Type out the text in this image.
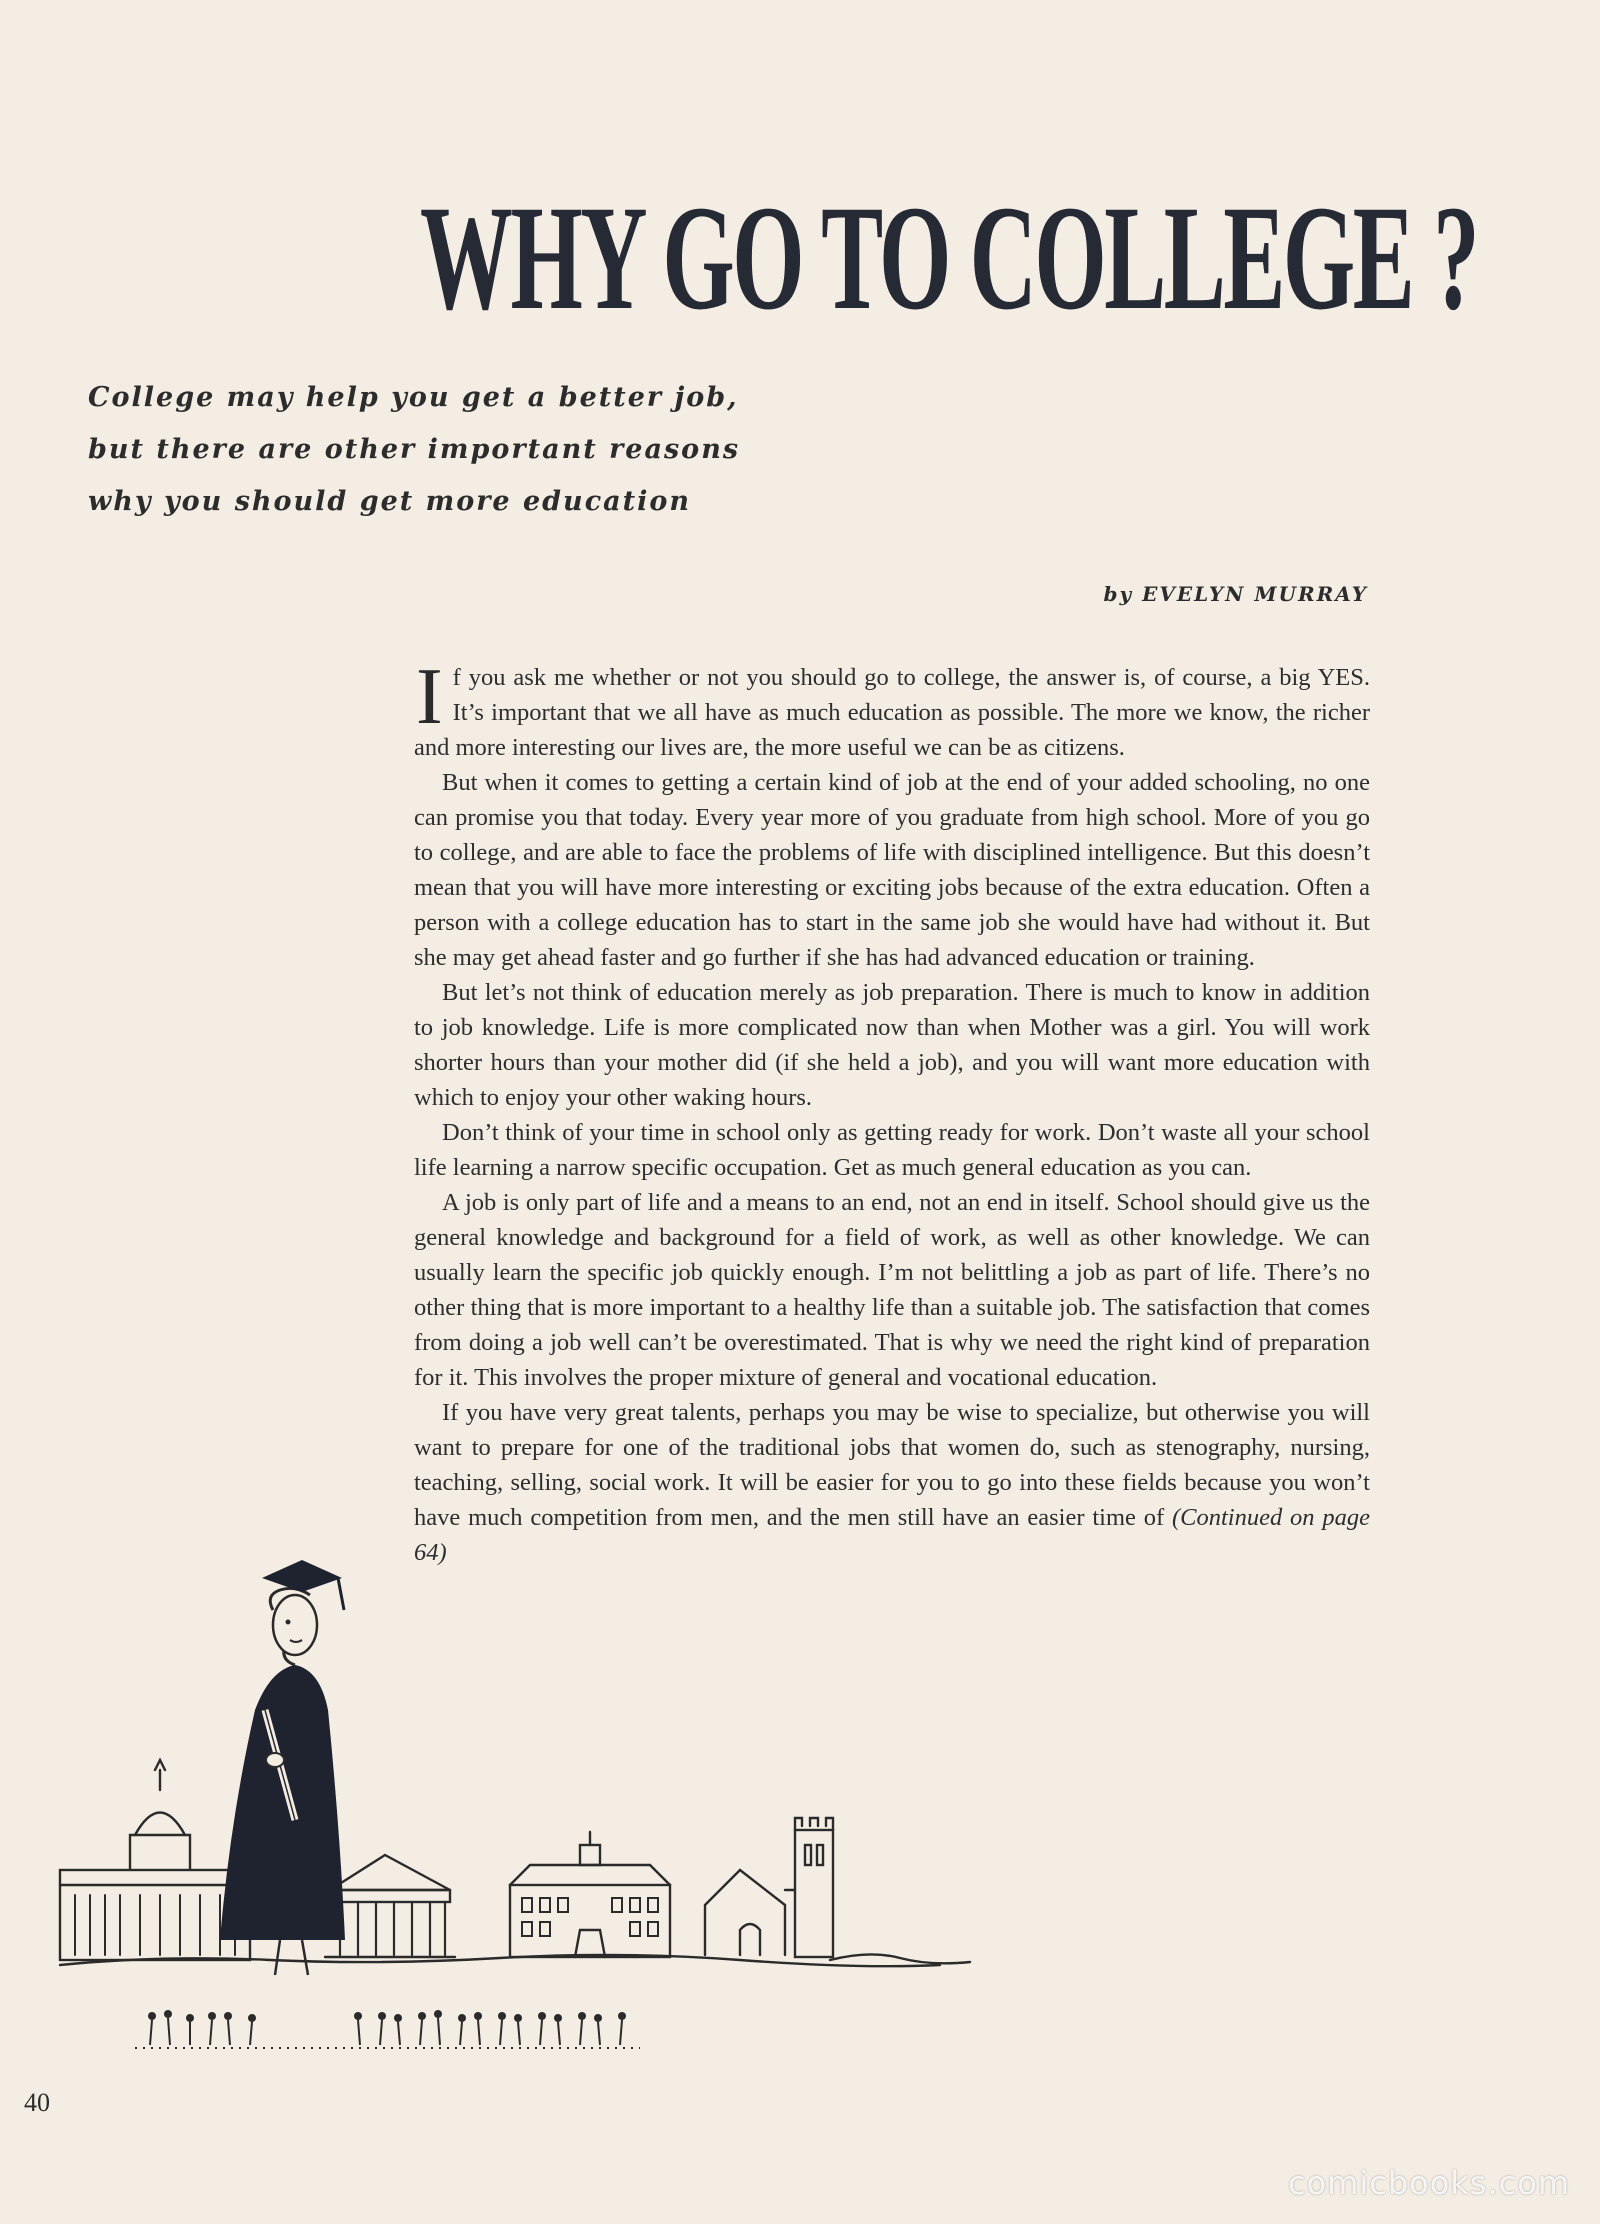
WHY GO TO COLLEGE ?
College may help you get a better job,
but there are other important reasons
why you should get more education
by EVELYN MURRAY

If you ask me whether or not you should go to college, the answer is, of course, a big YES. It’s important that we all have as much education as possible. The more we know, the richer and more interesting our lives are, the more useful we can be as citizens.

But when it comes to getting a certain kind of job at the end of your added schooling, no one can promise you that today. Every year more of you graduate from high school. More of you go to college, and are able to face the problems of life with disciplined intelligence. But this doesn’t mean that you will have more interesting or exciting jobs because of the extra education. Often a person with a college education has to start in the same job she would have had without it. But she may get ahead faster and go further if she has had advanced education or training.

But let’s not think of education merely as job preparation. There is much to know in addition to job knowledge. Life is more complicated now than when Mother was a girl. You will work shorter hours than your mother did (if she held a job), and you will want more education with which to enjoy your other waking hours.

Don’t think of your time in school only as getting ready for work. Don’t waste all your school life learning a narrow specific occupation. Get as much general education as you can.

A job is only part of life and a means to an end, not an end in itself. School should give us the general knowledge and background for a field of work, as well as other knowledge. We can usually learn the specific job quickly enough. I’m not belittling a job as part of life. There’s no other thing that is more important to a healthy life than a suitable job. The satisfaction that comes from doing a job well can’t be overestimated. That is why we need the right kind of preparation for it. This involves the proper mixture of general and vocational education.

If you have very great talents, perhaps you may be wise to specialize, but otherwise you will want to prepare for one of the traditional jobs that women do, such as stenography, nursing, teaching, selling, social work. It will be easier for you to go into these fields because you won’t have much competition from men, and the men still have an easier time of (Continued on page 64)

40
comicbooks.com
